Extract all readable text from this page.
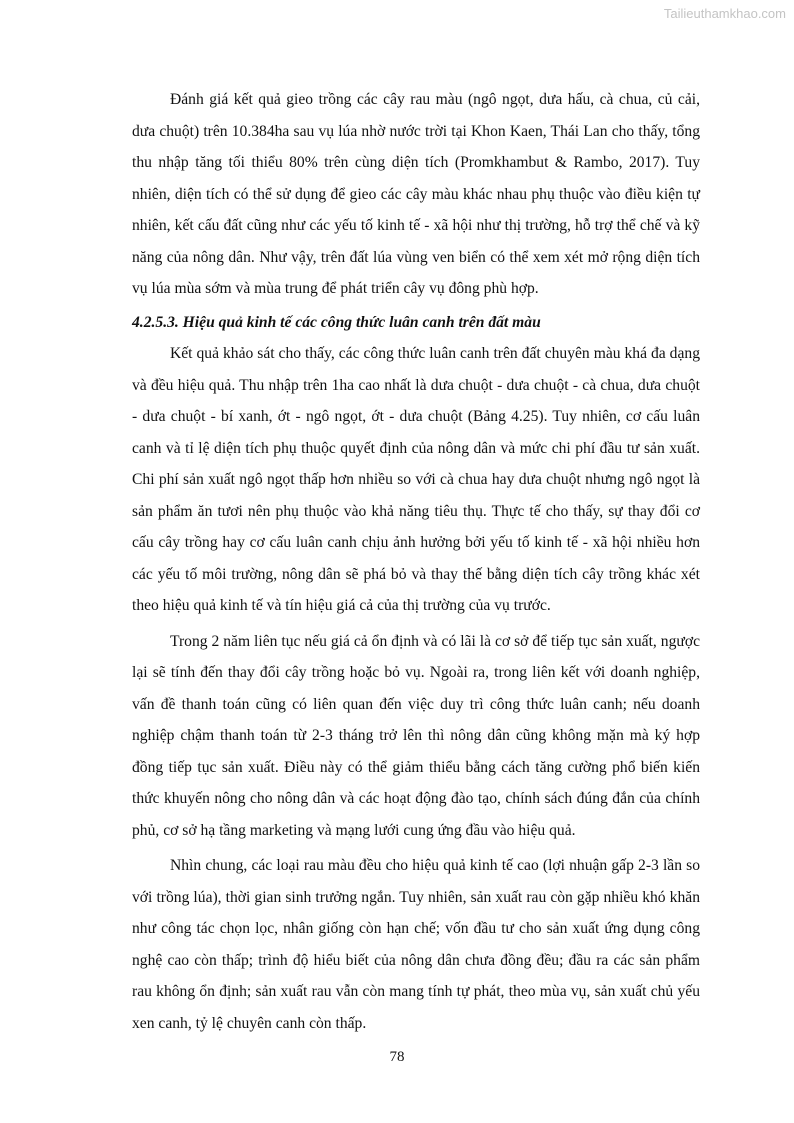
Tailieuthamkhao.com

Đánh giá kết quả gieo trồng các cây rau màu (ngô ngọt, dưa hấu, cà chua, củ cải, dưa chuột) trên 10.384ha sau vụ lúa nhờ nước trời tại Khon Kaen, Thái Lan cho thấy, tổng thu nhập tăng tối thiểu 80% trên cùng diện tích (Promkhambut & Rambo, 2017). Tuy nhiên, diện tích có thể sử dụng để gieo các cây màu khác nhau phụ thuộc vào điều kiện tự nhiên, kết cấu đất cũng như các yếu tố kinh tế - xã hội như thị trường, hỗ trợ thể chế và kỹ năng của nông dân. Như vậy, trên đất lúa vùng ven biển có thể xem xét mở rộng diện tích vụ lúa mùa sớm và mùa trung để phát triển cây vụ đông phù hợp.

4.2.5.3. Hiệu quả kinh tế các công thức luân canh trên đất màu

Kết quả khảo sát cho thấy, các công thức luân canh trên đất chuyên màu khá đa dạng và đều hiệu quả. Thu nhập trên 1ha cao nhất là dưa chuột - dưa chuột - cà chua, dưa chuột - dưa chuột - bí xanh, ớt - ngô ngọt, ớt - dưa chuột (Bảng 4.25). Tuy nhiên, cơ cấu luân canh và tỉ lệ diện tích phụ thuộc quyết định của nông dân và mức chi phí đầu tư sản xuất. Chi phí sản xuất ngô ngọt thấp hơn nhiều so với cà chua hay dưa chuột nhưng ngô ngọt là sản phẩm ăn tươi nên phụ thuộc vào khả năng tiêu thụ. Thực tế cho thấy, sự thay đổi cơ cấu cây trồng hay cơ cấu luân canh chịu ảnh hưởng bởi yếu tố kinh tế - xã hội nhiều hơn các yếu tố môi trường, nông dân sẽ phá bỏ và thay thế bằng diện tích cây trồng khác xét theo hiệu quả kinh tế và tín hiệu giá cả của thị trường của vụ trước.

Trong 2 năm liên tục nếu giá cả ổn định và có lãi là cơ sở để tiếp tục sản xuất, ngược lại sẽ tính đến thay đổi cây trồng hoặc bỏ vụ. Ngoài ra, trong liên kết với doanh nghiệp, vấn đề thanh toán cũng có liên quan đến việc duy trì công thức luân canh; nếu doanh nghiệp chậm thanh toán từ 2-3 tháng trở lên thì nông dân cũng không mặn mà ký hợp đồng tiếp tục sản xuất. Điều này có thể giảm thiểu bằng cách tăng cường phổ biến kiến thức khuyến nông cho nông dân và các hoạt động đào tạo, chính sách đúng đắn của chính phủ, cơ sở hạ tầng marketing và mạng lưới cung ứng đầu vào hiệu quả.

Nhìn chung, các loại rau màu đều cho hiệu quả kinh tế cao (lợi nhuận gấp 2-3 lần so với trồng lúa), thời gian sinh trưởng ngắn. Tuy nhiên, sản xuất rau còn gặp nhiều khó khăn như công tác chọn lọc, nhân giống còn hạn chế; vốn đầu tư cho sản xuất ứng dụng công nghệ cao còn thấp; trình độ hiểu biết của nông dân chưa đồng đều; đầu ra các sản phẩm rau không ổn định; sản xuất rau vẫn còn mang tính tự phát, theo mùa vụ, sản xuất chủ yếu xen canh, tỷ lệ chuyên canh còn thấp.

78
